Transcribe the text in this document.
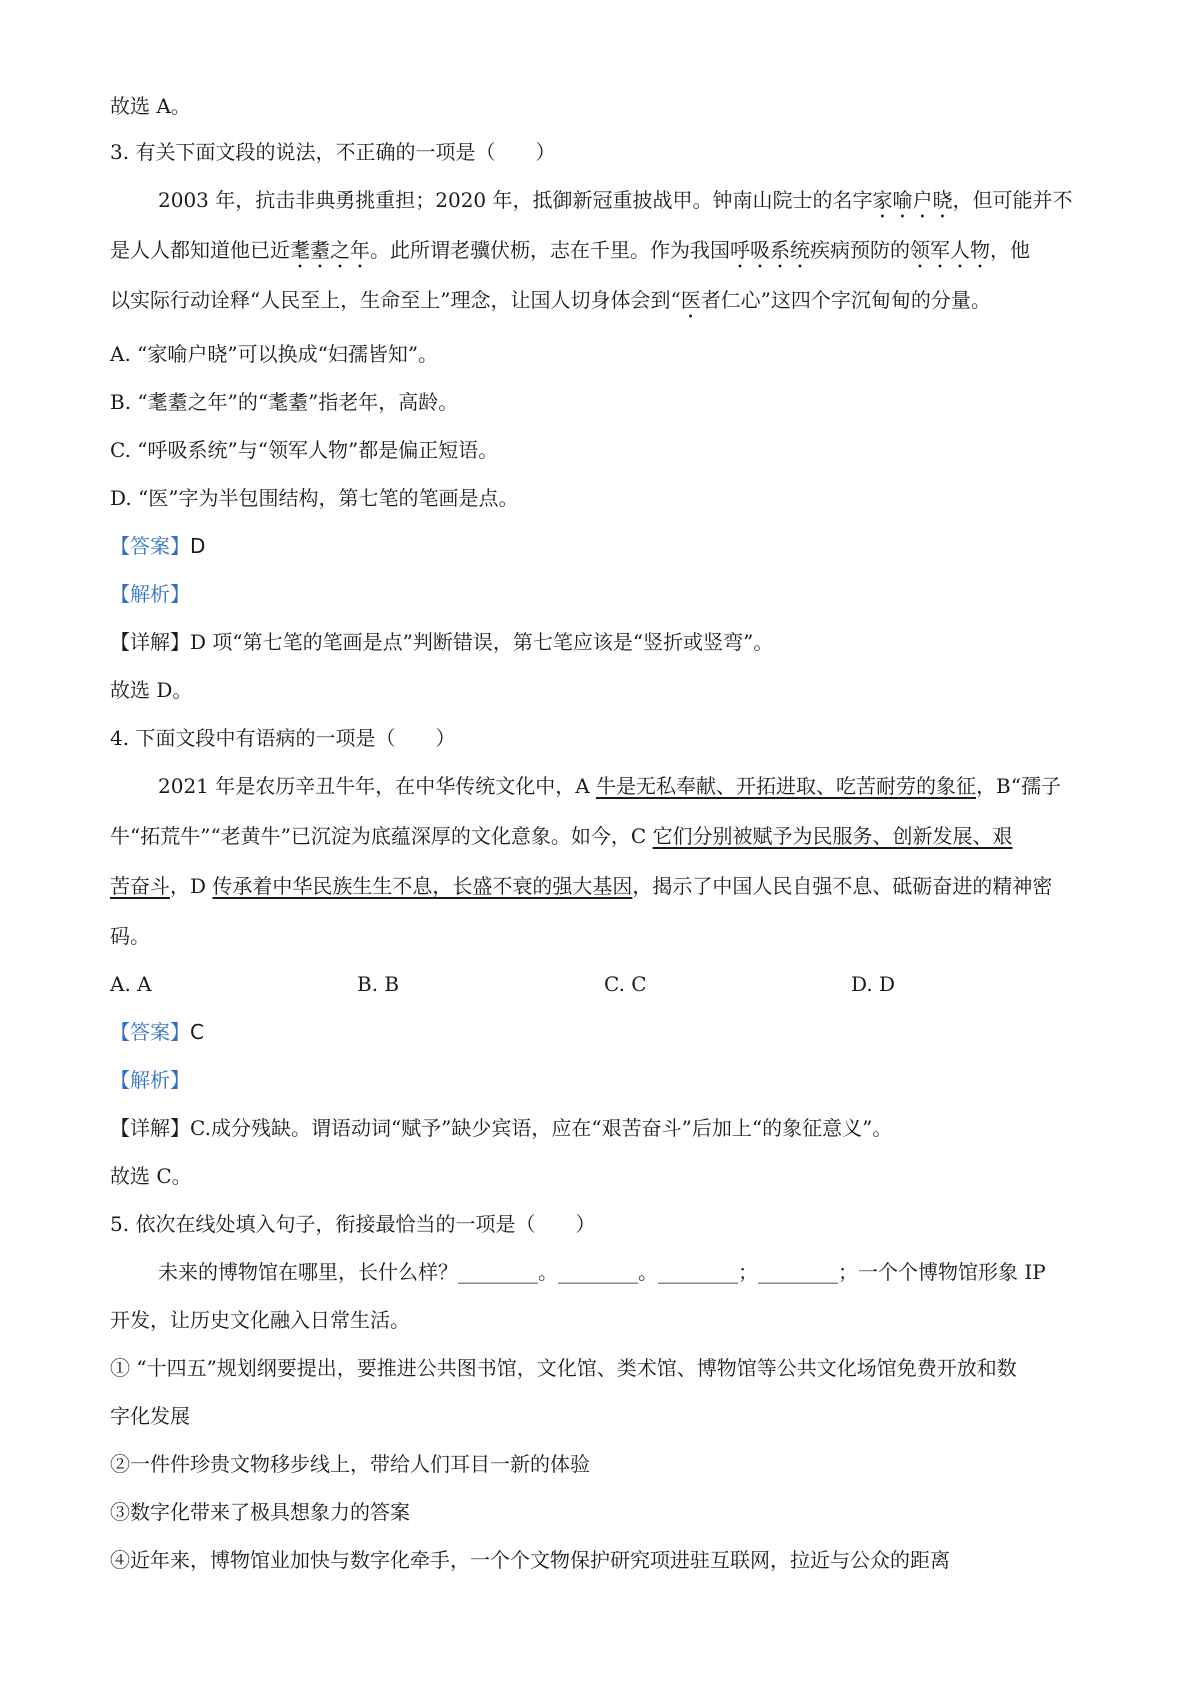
故选 A。
3. 有关下面文段的说法，不正确的一项是（　　）
2003 年，抗击非典勇挑重担；2020 年，抵御新冠重披战甲。钟南山院士的名字家喻户晓，但可能并不
是人人都知道他已近耄耋之年。此所谓老骥伏枥，志在千里。作为我国呼吸系统疾病预防的领军人物，他
以实际行动诠释“人民至上，生命至上”理念，让国人切身体会到“医者仁心”这四个字沉甸甸的分量。
A. “家喻户晓”可以换成“妇孺皆知”。
B. “耄耋之年”的“耄耋”指老年，高龄。
C. “呼吸系统”与“领军人物”都是偏正短语。
D. “医”字为半包围结构，第七笔的笔画是点。
【答案】D
【解析】
【详解】D 项“第七笔的笔画是点”判断错误，第七笔应该是“竖折或竖弯”。
故选 D。
4. 下面文段中有语病的一项是（　　）
2021 年是农历辛丑牛年，在中华传统文化中，A 牛是无私奉献、开拓进取、吃苦耐劳的象征，B“孺子
牛“拓荒牛”“老黄牛”已沉淀为底蕴深厚的文化意象。如今，C 它们分别被赋予为民服务、创新发展、艰
苦奋斗，D 传承着中华民族生生不息，长盛不衰的强大基因，揭示了中国人民自强不息、砥砺奋进的精神密
码。
A. A	B. B	C. C	D. D
【答案】C
【解析】
【详解】C.成分残缺。谓语动词“赋予”缺少宾语，应在“艰苦奋斗”后加上“的象征意义”。
故选 C。
5. 依次在线处填入句子，衔接最恰当的一项是（　　）
未来的博物馆在哪里，长什么样？________。________。________；________；一个个博物馆形象 IP
开发，让历史文化融入日常生活。
① “十四五”规划纲要提出，要推进公共图书馆，文化馆、类术馆、博物馆等公共文化场馆免费开放和数
字化发展
②一件件珍贵文物移步线上，带给人们耳目一新的体验
③数字化带来了极具想象力的答案
④近年来，博物馆业加快与数字化牵手，一个个文物保护研究项进驻互联网，拉近与公众的距离
